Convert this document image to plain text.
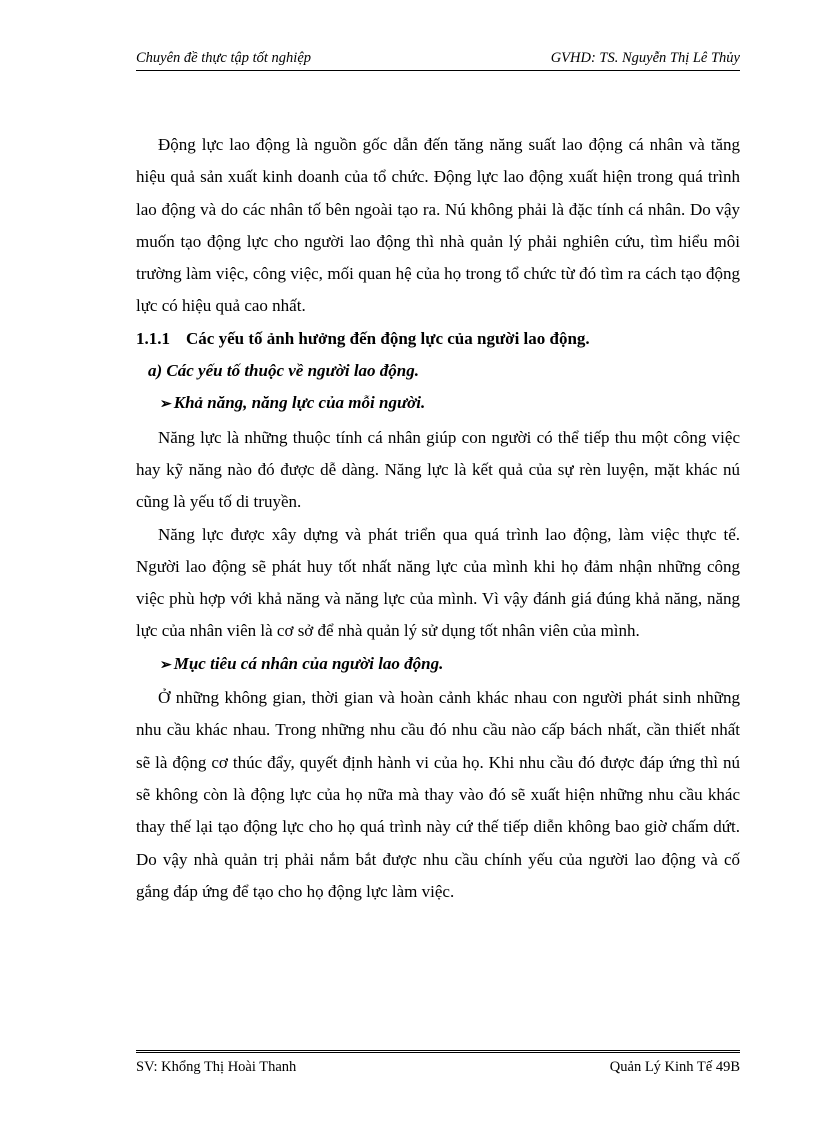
Chuyên đề thực tập tốt nghiệp	GVHD: TS. Nguyễn Thị Lê Thủy

Động lực lao động là nguồn gốc dẫn đến tăng năng suất lao động cá nhân và tăng hiệu quả sản xuất kinh doanh của tổ chức. Động lực lao động xuất hiện trong quá trình lao động và do các nhân tố bên ngoài tạo ra. Nú không phải là đặc tính cá nhân. Do vậy muốn tạo động lực cho người lao động thì nhà quản lý phải nghiên cứu, tìm hiểu môi trường làm việc, công việc, mối quan hệ của họ trong tổ chức từ đó tìm ra cách tạo động lực có hiệu quả cao nhất.

1.1.1 Các yếu tố ảnh hưởng đến động lực của người lao động.

a) Các yếu tố thuộc về người lao động.

➢ Khả năng, năng lực của mỗi người.

Năng lực là những thuộc tính cá nhân giúp con người có thể tiếp thu một công việc hay kỹ năng nào đó được dễ dàng. Năng lực là kết quả của sự rèn luyện, mặt khác nú cũng là yếu tố di truyền.

Năng lực được xây dựng và phát triển qua quá trình lao động, làm việc thực tế. Người lao động sẽ phát huy tốt nhất năng lực của mình khi họ đảm nhận những công việc phù hợp với khả năng và năng lực của mình. Vì vậy đánh giá đúng khả năng, năng lực của nhân viên là cơ sở để nhà quản lý sử dụng tốt nhân viên của mình.

➢ Mục tiêu cá nhân của người lao động.

Ở những không gian, thời gian và hoàn cảnh khác nhau con người phát sinh những nhu cầu khác nhau. Trong những nhu cầu đó nhu cầu nào cấp bách nhất, cần thiết nhất sẽ là động cơ thúc đẩy, quyết định hành vi của họ. Khi nhu cầu đó được đáp ứng thì nú sẽ không còn là động lực của họ nữa mà thay vào đó sẽ xuất hiện những nhu cầu khác thay thế lại tạo động lực cho họ quá trình này cứ thế tiếp diễn không bao giờ chấm dứt. Do vậy nhà quản trị phải nắm bắt được nhu cầu chính yếu của người lao động và cố gắng đáp ứng để tạo cho họ động lực làm việc.

SV: Khổng Thị Hoài Thanh	Quản Lý Kinh Tế 49B
